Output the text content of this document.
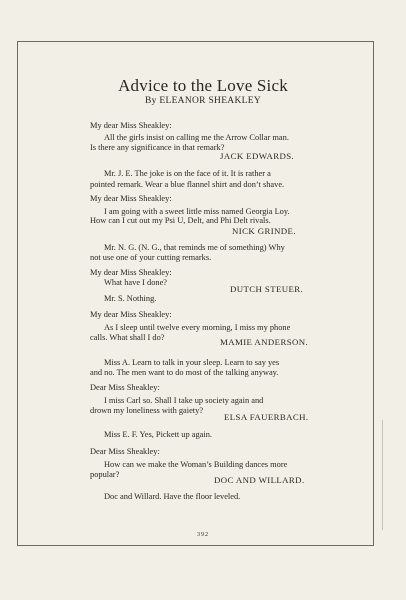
Advice to the Love Sick
By ELEANOR SHEAKLEY
My dear Miss Sheakley:
All the girls insist on calling me the Arrow Collar man.
Is there any significance in that remark?
JACK EDWARDS.
Mr. J. E. The joke is on the face of it. It is rather a
pointed remark. Wear a blue flannel shirt and don’t shave.
My dear Miss Sheakley:
I am going with a sweet little miss named Georgia Loy.
How can I cut out my Psi U, Delt, and Phi Delt rivals.
NICK GRINDE.
Mr. N. G. (N. G., that reminds me of something) Why
not use one of your cutting remarks.
My dear Miss Sheakley:
What have I done?
DUTCH STEUER.
Mr. S. Nothing.
My dear Miss Sheakley:
As I sleep until twelve every morning, I miss my phone
calls. What shall I do?	MAMIE ANDERSON.
Miss A. Learn to talk in your sleep. Learn to say yes
and no. The men want to do most of the talking anyway.
Dear Miss Sheakley:
I miss Carl so. Shall I take up society again and
drown my loneliness with gaiety?
ELSA FAUERBACH.
Miss E. F. Yes, Pickett up again.
Dear Miss Sheakley:
How can we make the Woman’s Building dances more
popular?
DOC AND WILLARD.
Doc and Willard. Have the floor leveled.
392
